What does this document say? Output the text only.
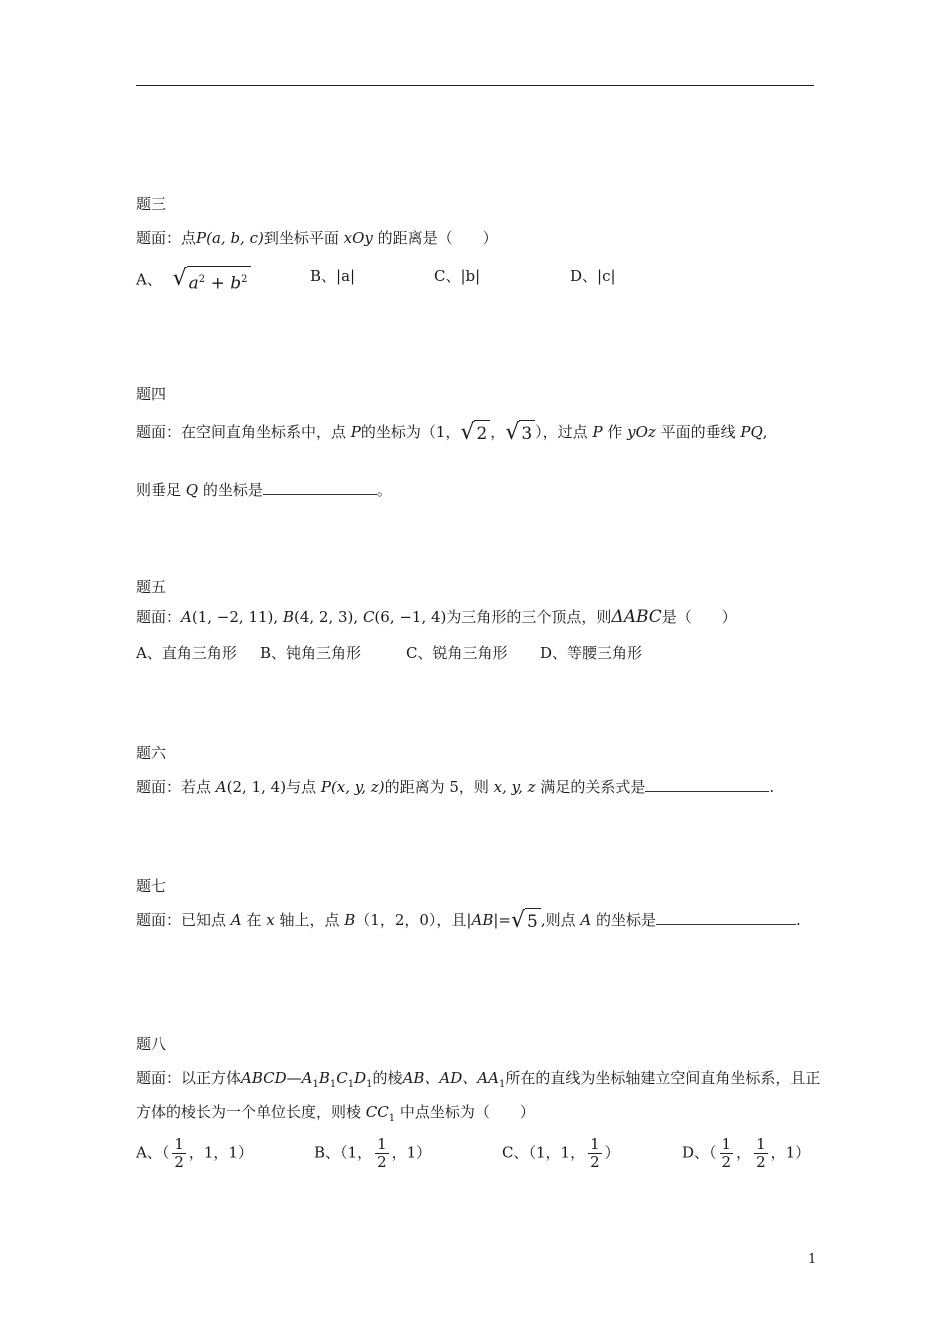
题三
题面：点P(a, b, c)到坐标平面 xOy 的距离是（　　）
A、 √ $a^2 + b^2$	B、|a|	C、|b|	D、|c|
题四
题面：在空间直角坐标系中，点 P的坐标为（1， √ 2 ， √ 3 ），过点 P 作 yOz 平面的垂线 PQ,
则垂足 Q 的坐标是	。
题五
题面：A(1, −2, 11), B(4, 2, 3), C(6, −1, 4)为三角形的三个顶点，则ΔABC是（　　）
A、直角三角形 B、钝角三角形	C、锐角三角形 D、等腰三角形
题六
题面：若点 A(2, 1, 4)与点 P(x, y, z)的距离为 5，则 x, y, z 满足的关系式是	.
题七
题面：已知点 A 在 x 轴上，点 B（1，2，0），且|AB|= √ 5 ,则点 A 的坐标是	.
题八
题面：以正方体$ABCD—A_1B_1C_1D_1$的棱AB、AD、$AA_1$所在的直线为坐标轴建立空间直角坐标系，且正
方体的棱长为一个单位长度，则棱 $CC_1$ 中点坐标为（　　）
A、（ $\frac{1}{2}$ ，1，1）	B、（1， $\frac{1}{2}$ ，1）	C、（1，1， $\frac{1}{2}$ ）	D、（ $\frac{1}{2}$ ， $\frac{1}{2}$ ，1）
1
